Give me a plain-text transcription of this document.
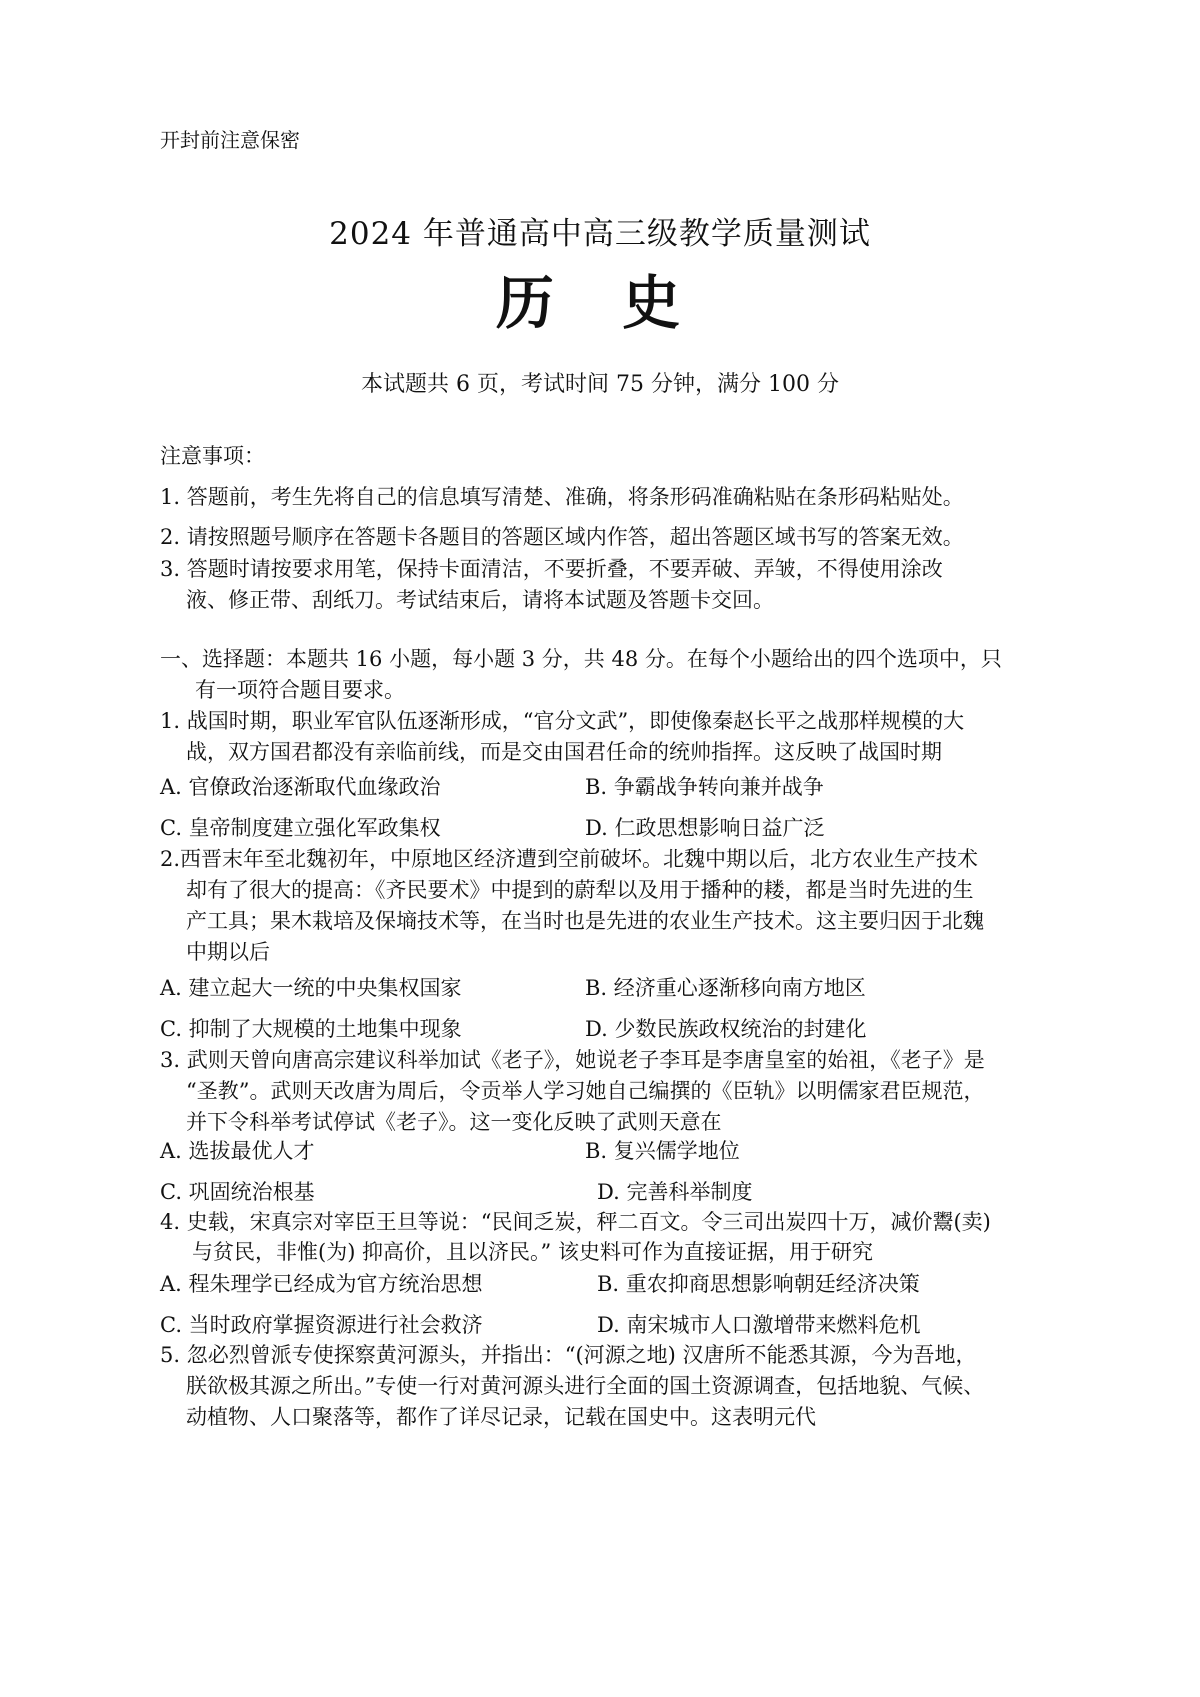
开封前注意保密
2024 年普通高中高三级教学质量测试
历 史
本试题共 6 页，考试时间 75 分钟，满分 100 分
注意事项：
1. 答题前，考生先将自己的信息填写清楚、准确，将条形码准确粘贴在条形码粘贴处。
2. 请按照题号顺序在答题卡各题目的答题区域内作答，超出答题区域书写的答案无效。
3. 答题时请按要求用笔，保持卡面清洁，不要折叠，不要弄破、弄皱，不得使用涂改
液、修正带、刮纸刀。考试结束后，请将本试题及答题卡交回。
一、选择题：本题共 16 小题，每小题 3 分，共 48 分。在每个小题给出的四个选项中，只
有一项符合题目要求。
1. 战国时期，职业军官队伍逐渐形成，“官分文武”，即使像秦赵长平之战那样规模的大
战，双方国君都没有亲临前线，而是交由国君任命的统帅指挥。这反映了战国时期
A. 官僚政治逐渐取代血缘政治	B. 争霸战争转向兼并战争
C. 皇帝制度建立强化军政集权	D. 仁政思想影响日益广泛
2.西晋末年至北魏初年，中原地区经济遭到空前破坏。北魏中期以后，北方农业生产技术
却有了很大的提高：《齐民要术》中提到的蔚犁以及用于播种的耧，都是当时先进的生
产工具；果木栽培及保墒技术等，在当时也是先进的农业生产技术。这主要归因于北魏
中期以后
A. 建立起大一统的中央集权国家	B. 经济重心逐渐移向南方地区
C. 抑制了大规模的土地集中现象	D. 少数民族政权统治的封建化
3. 武则天曾向唐高宗建议科举加试《老子》，她说老子李耳是李唐皇室的始祖，《老子》是
“圣教”。武则天改唐为周后，令贡举人学习她自己编撰的《臣轨》以明儒家君臣规范，
并下令科举考试停试《老子》。这一变化反映了武则天意在
A. 选拔最优人才	B. 复兴儒学地位
C. 巩固统治根基	D. 完善科举制度
4. 史载，宋真宗对宰臣王旦等说：“民间乏炭，秤二百文。令三司出炭四十万，减价鬻(卖)
与贫民，非惟(为) 抑高价，且以济民。” 该史料可作为直接证据，用于研究
A. 程朱理学已经成为官方统治思想	B. 重农抑商思想影响朝廷经济决策
C. 当时政府掌握资源进行社会救济	D. 南宋城市人口激增带来燃料危机
5. 忽必烈曾派专使探察黄河源头，并指出：“(河源之地) 汉唐所不能悉其源，今为吾地，
朕欲极其源之所出。”专使一行对黄河源头进行全面的国土资源调查，包括地貌、气候、
动植物、人口聚落等，都作了详尽记录，记载在国史中。这表明元代
